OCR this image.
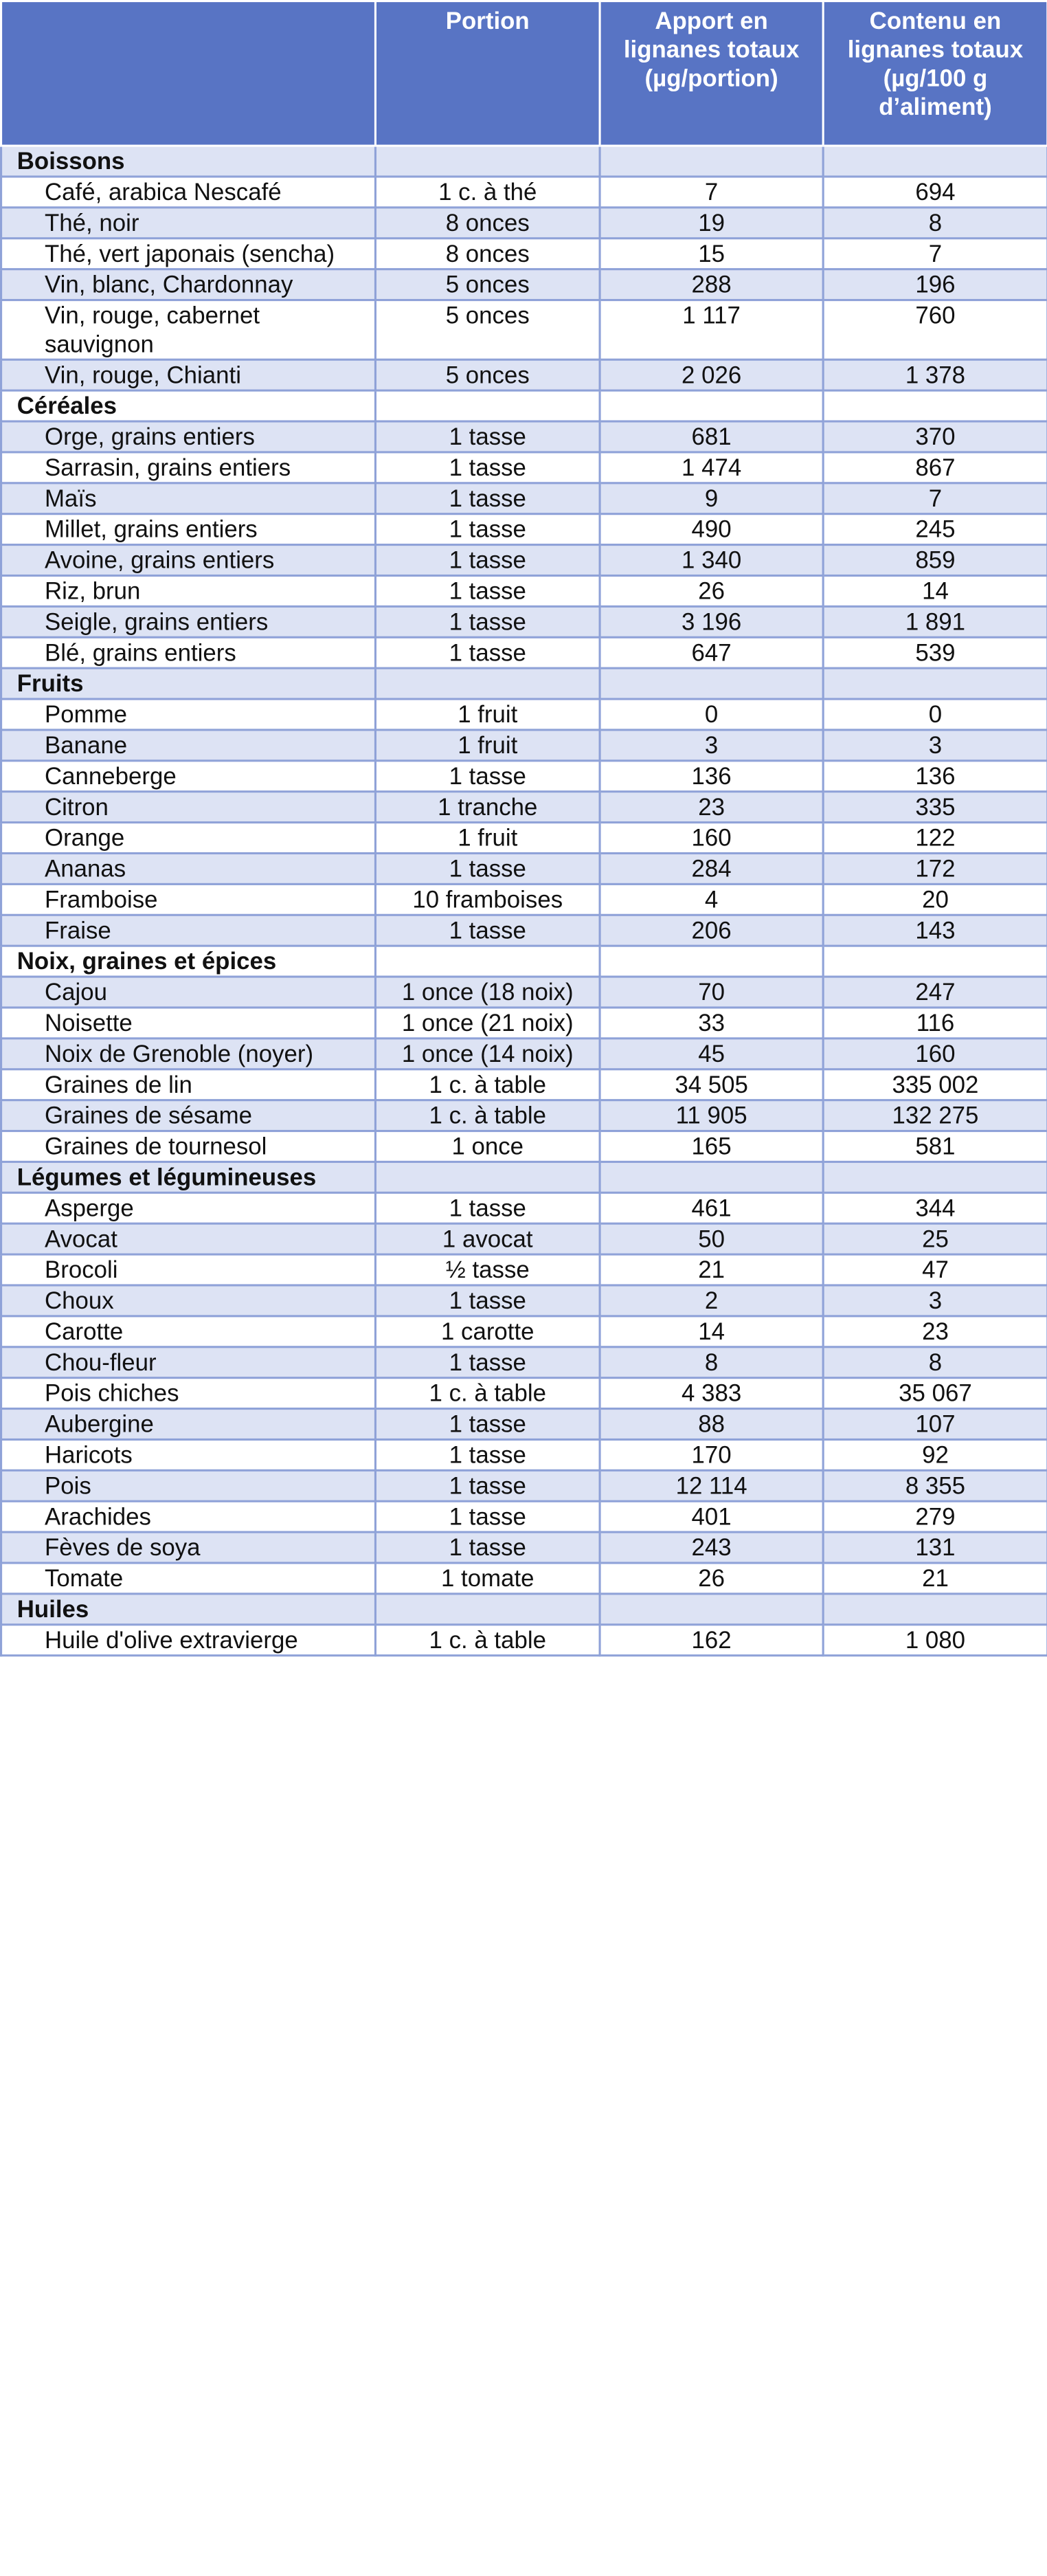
	Portion	Apport en lignanes totaux (µg/portion)	Contenu en lignanes totaux (µg/100 g d’aliment)
Boissons			
Café, arabica Nescafé	1 c. à thé	7	694
Thé, noir	8 onces	19	8
Thé, vert japonais (sencha)	8 onces	15	7
Vin, blanc, Chardonnay	5 onces	288	196
Vin, rouge, cabernet sauvignon	5 onces	1 117	760
Vin, rouge, Chianti	5 onces	2 026	1 378
Céréales			
Orge, grains entiers	1 tasse	681	370
Sarrasin, grains entiers	1 tasse	1 474	867
Maïs	1 tasse	9	7
Millet, grains entiers	1 tasse	490	245
Avoine, grains entiers	1 tasse	1 340	859
Riz, brun	1 tasse	26	14
Seigle, grains entiers	1 tasse	3 196	1 891
Blé, grains entiers	1 tasse	647	539
Fruits			
Pomme	1 fruit	0	0
Banane	1 fruit	3	3
Canneberge	1 tasse	136	136
Citron	1 tranche	23	335
Orange	1 fruit	160	122
Ananas	1 tasse	284	172
Framboise	10 framboises	4	20
Fraise	1 tasse	206	143
Noix, graines et épices			
Cajou	1 once (18 noix)	70	247
Noisette	1 once (21 noix)	33	116
Noix de Grenoble (noyer)	1 once (14 noix)	45	160
Graines de lin	1 c. à table	34 505	335 002
Graines de sésame	1 c. à table	11 905	132 275
Graines de tournesol	1 once	165	581
Légumes et légumineuses			
Asperge	1 tasse	461	344
Avocat	1 avocat	50	25
Brocoli	½ tasse	21	47
Choux	1 tasse	2	3
Carotte	1 carotte	14	23
Chou-fleur	1 tasse	8	8
Pois chiches	1 c. à table	4 383	35 067
Aubergine	1 tasse	88	107
Haricots	1 tasse	170	92
Pois	1 tasse	12 114	8 355
Arachides	1 tasse	401	279
Fèves de soya	1 tasse	243	131
Tomate	1 tomate	26	21
Huiles			
Huile d'olive extravierge	1 c. à table	162	1 080
